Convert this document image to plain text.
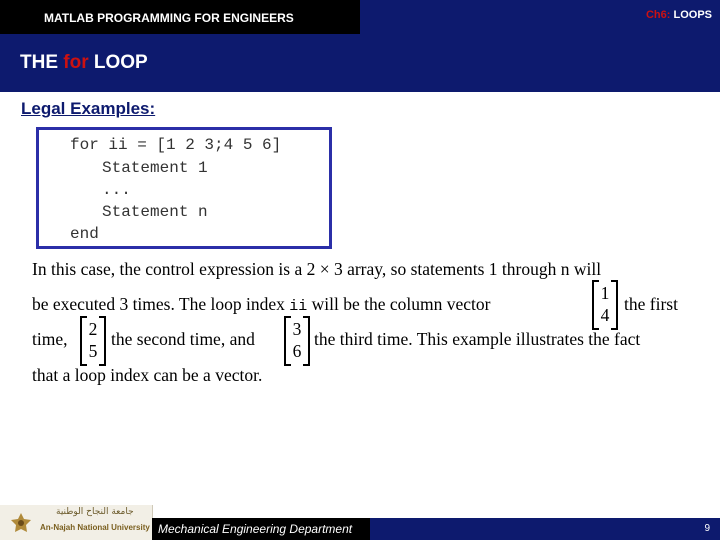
MATLAB PROGRAMMING FOR ENGINEERS	Ch6: LOOPS
THE for LOOP
Legal Examples:
for ii = [1 2 3;4 5 6]
Statement 1
...
Statement n
end
In this case, the control expression is a 2 × 3 array, so statements 1 through n will
be executed 3 times. The loop index ii will be the column vector
1
4
the first
time,	2
5
the second time, and	3
6
the third time. This example illustrates the fact
that a loop index can be a vector.
جامعة النجاح الوطنية
An-Najah National University Mechanical Engineering Department	9
